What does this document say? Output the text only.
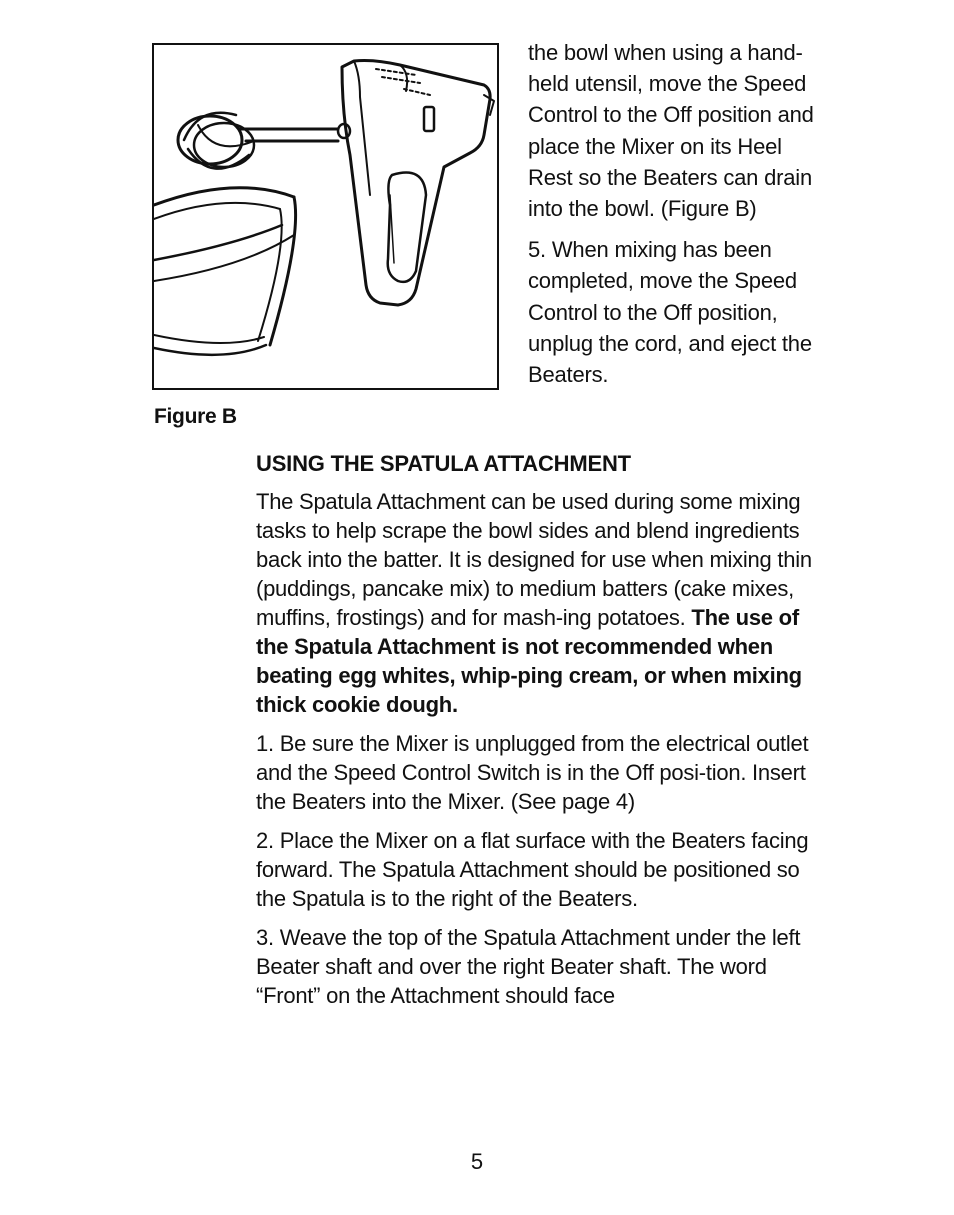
Figure B

the bowl when using a hand-held utensil, move the Speed Control to the Off position and place the Mixer on its Heel Rest so the Beaters can drain into the bowl. (Figure B)

5. When mixing has been completed, move the Speed Control to the Off position, unplug the cord, and eject the Beaters.

USING THE SPATULA ATTACHMENT

The Spatula Attachment can be used during some mixing tasks to help scrape the bowl sides and blend ingredients back into the batter. It is designed for use when mixing thin (puddings, pancake mix) to medium batters (cake mixes, muffins, frostings) and for mash-ing potatoes. The use of the Spatula Attachment is not recommended when beating egg whites, whip-ping cream, or when mixing thick cookie dough.

1. Be sure the Mixer is unplugged from the electrical outlet and the Speed Control Switch is in the Off posi-tion. Insert the Beaters into the Mixer. (See page 4)

2. Place the Mixer on a flat surface with the Beaters facing forward. The Spatula Attachment should be positioned so the Spatula is to the right of the Beaters.

3. Weave the top of the Spatula Attachment under the left Beater shaft and over the right Beater shaft. The word “Front” on the Attachment should face

5
